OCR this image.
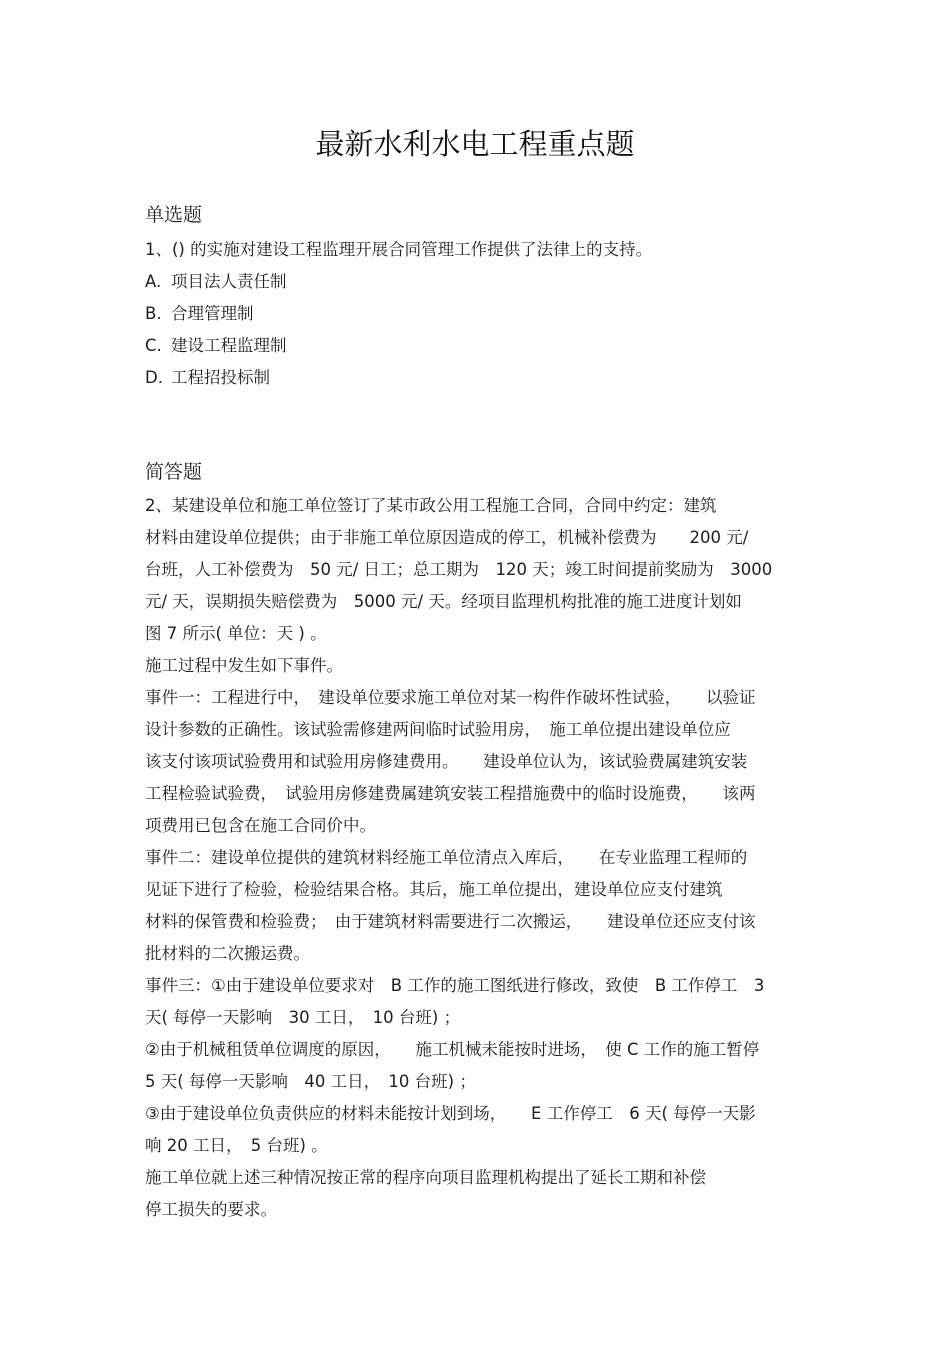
最新水利水电工程重点题
单选题
1、() 的实施对建设工程监理开展合同管理工作提供了法律上的支持。
A. 项目法人责任制
B. 合理管理制
C. 建设工程监理制
D. 工程招投标制
简答题
2、某建设单位和施工单位签订了某市政公用工程施工合同，合同中约定：建筑
材料由建设单位提供；由于非施工单位原因造成的停工，机械补偿费为　　200 元/
台班，人工补偿费为　50 元/ 日工；总工期为　120 天；竣工时间提前奖励为　3000
元/ 天，误期损失赔偿费为　5000 元/ 天。经项目监理机构批准的施工进度计划如
图 7 所示( 单位：天 ) 。
施工过程中发生如下事件。
事件一：工程进行中，　建设单位要求施工单位对某一构件作破坏性试验，　　以验证
设计参数的正确性。该试验需修建两间临时试验用房，　施工单位提出建设单位应
该支付该项试验费用和试验用房修建费用。　　建设单位认为，该试验费属建筑安装
工程检验试验费，　试验用房修建费属建筑安装工程措施费中的临时设施费，　　该两
项费用已包含在施工合同价中。
事件二：建设单位提供的建筑材料经施工单位清点入库后，　　在专业监理工程师的
见证下进行了检验，检验结果合格。其后，施工单位提出，建设单位应支付建筑
材料的保管费和检验费；　由于建筑材料需要进行二次搬运，　　建设单位还应支付该
批材料的二次搬运费。
事件三：①由于建设单位要求对　B 工作的施工图纸进行修改，致使　B 工作停工　3
天( 每停一天影响　30 工日，　10 台班) ；
②由于机械租赁单位调度的原因，　　施工机械未能按时进场，　使 C 工作的施工暂停
5 天( 每停一天影响　40 工日，　10 台班) ；
③由于建设单位负责供应的材料未能按计划到场，　　E 工作停工　6 天( 每停一天影
响 20 工日，　5 台班) 。
施工单位就上述三种情况按正常的程序向项目监理机构提出了延长工期和补偿
停工损失的要求。
